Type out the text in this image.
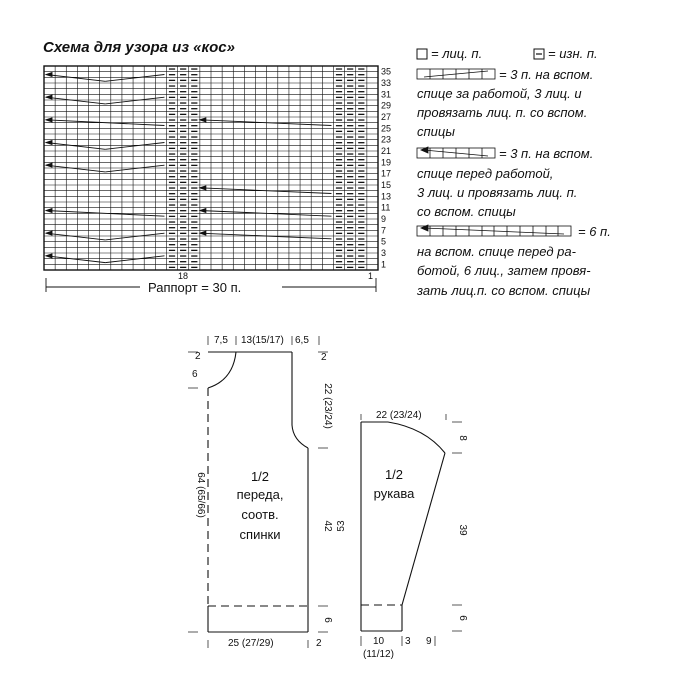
Схема для узора из «кос»
35
33
31
29
27
25
23
21
19
17
15
13
11
9
7
5
3
1
18	1
Раппорт = 30 п.
= лиц. п.	= изн. п.
= 3 п. на вспом.
спице за работой, 3 лиц. и
провязать лиц. п. со вспом.
спицы
= 3 п. на вспом.
спице перед работой,
3 лиц. и провязать лиц. п.
со вспом. спицы
= 6 п.
на вспом. спице перед ра-
ботой, 6 лиц., затем провя-
зать лиц.п. со вспом. спицы
7,5 13(15/17) 6,5
2
6
64 (65/66)
2
22 (23/24)
42
6
2
25 (27/29)
1/2
переда,
соотв.
спинки
22 (23/24)
8
53	39
6
10
(11/12)
3 9
1/2
рукава
